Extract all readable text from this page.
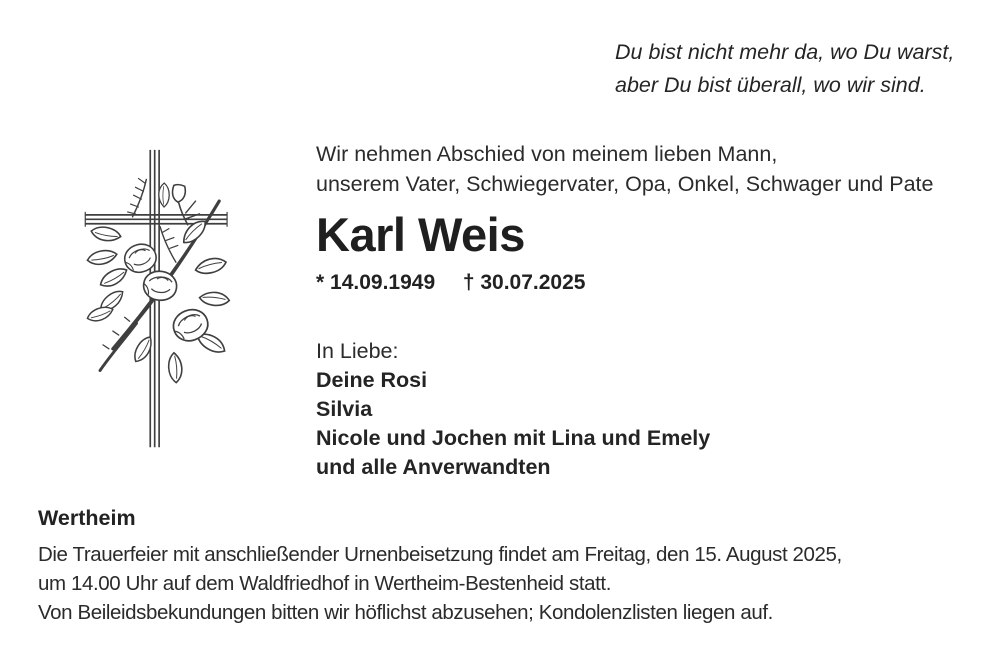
Du bist nicht mehr da, wo Du warst,
aber Du bist überall, wo wir sind.
Wir nehmen Abschied von meinem lieben Mann,
unserem Vater, Schwiegervater, Opa, Onkel, Schwager und Pate
Karl Weis
* 14.09.1949 † 30.07.2025
In Liebe:
Deine Rosi
Silvia
Nicole und Jochen mit Lina und Emely
und alle Anverwandten
Wertheim
Die Trauerfeier mit anschließender Urnenbeisetzung findet am Freitag, den 15. August 2025,
um 14.00 Uhr auf dem Waldfriedhof in Wertheim-Bestenheid statt.
Von Beileidsbekundungen bitten wir höflichst abzusehen; Kondolenzlisten liegen auf.
